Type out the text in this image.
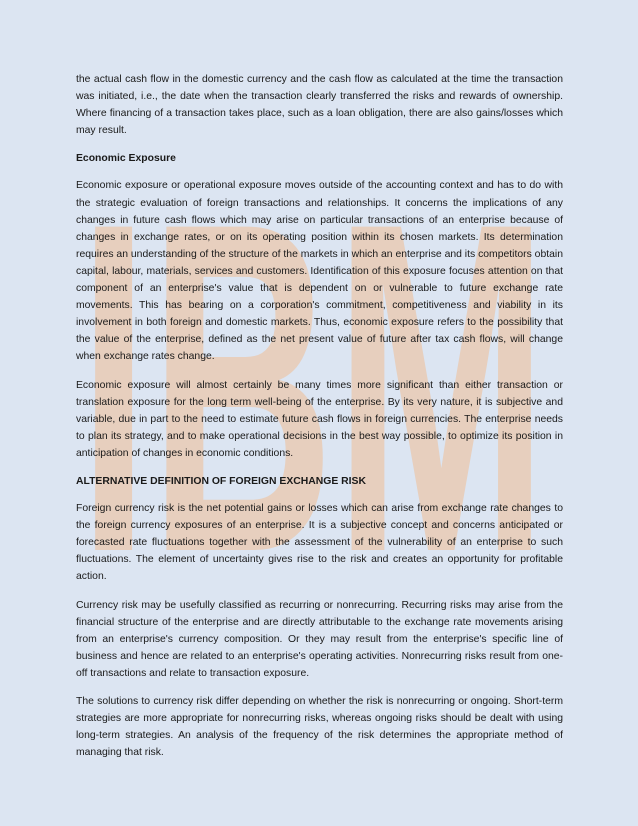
IBM

the actual cash flow in the domestic currency and the cash flow as calculated at the time the transaction was initiated, i.e., the date when the transaction clearly transferred the risks and rewards of ownership. Where financing of a transaction takes place, such as a loan obligation, there are also gains/losses which may result.

Economic Exposure

Economic exposure or operational exposure moves outside of the accounting context and has to do with the strategic evaluation of foreign transactions and relationships. It concerns the implications of any changes in future cash flows which may arise on particular transactions of an enterprise because of changes in exchange rates, or on its operating position within its chosen markets. Its determination requires an understanding of the structure of the markets in which an enterprise and its competitors obtain capital, labour, materials, services and customers. Identification of this exposure focuses attention on that component of an enterprise's value that is dependent on or vulnerable to future exchange rate movements. This has bearing on a corporation's commitment, competitiveness and viability in its involvement in both foreign and domestic markets. Thus, economic exposure refers to the possibility that the value of the enterprise, defined as the net present value of future after tax cash flows, will change when exchange rates change.

Economic exposure will almost certainly be many times more significant than either transaction or translation exposure for the long term well-being of the enterprise. By its very nature, it is subjective and variable, due in part to the need to estimate future cash flows in foreign currencies. The enterprise needs to plan its strategy, and to make operational decisions in the best way possible, to optimize its position in anticipation of changes in economic conditions.

ALTERNATIVE DEFINITION OF FOREIGN EXCHANGE RISK

Foreign currency risk is the net potential gains or losses which can arise from exchange rate changes to the foreign currency exposures of an enterprise. It is a subjective concept and concerns anticipated or forecasted rate fluctuations together with the assessment of the vulnerability of an enterprise to such fluctuations. The element of uncertainty gives rise to the risk and creates an opportunity for profitable action.

Currency risk may be usefully classified as recurring or nonrecurring. Recurring risks may arise from the financial structure of the enterprise and are directly attributable to the exchange rate movements arising from an enterprise's currency composition. Or they may result from the enterprise's specific line of business and hence are related to an enterprise's operating activities. Nonrecurring risks result from one-off transactions and relate to transaction exposure.

The solutions to currency risk differ depending on whether the risk is nonrecurring or ongoing. Short-term strategies are more appropriate for nonrecurring risks, whereas ongoing risks should be dealt with using long-term strategies. An analysis of the frequency of the risk determines the appropriate method of managing that risk.
